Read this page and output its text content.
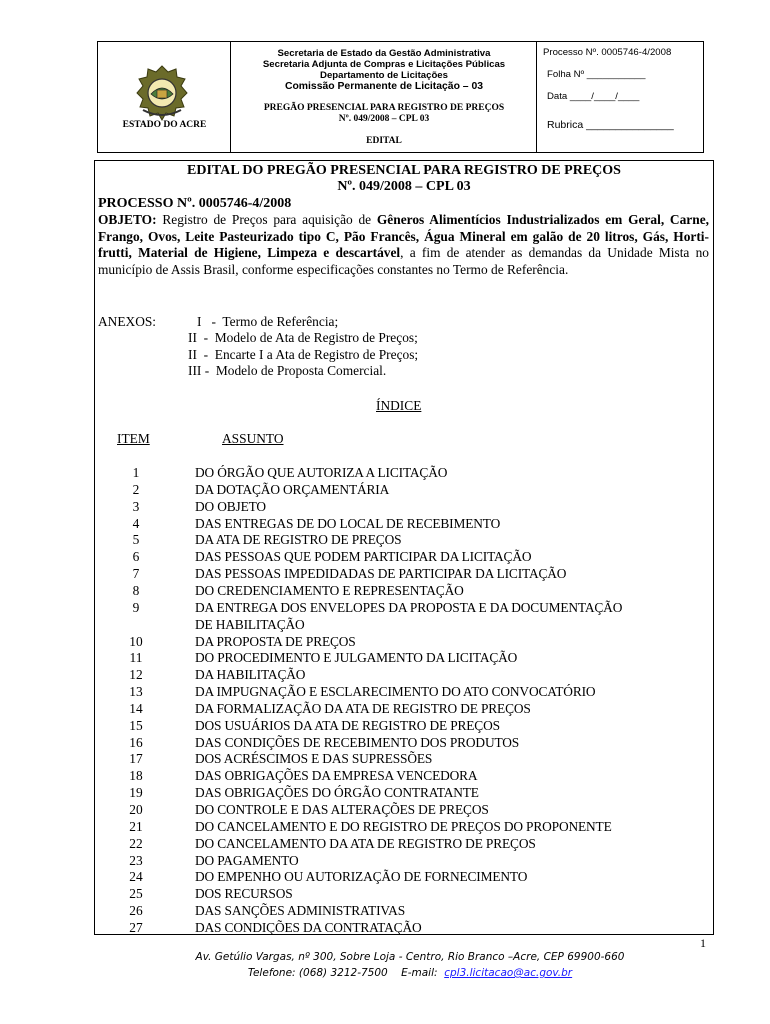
ESTADO DO ACRE
Secretaria de Estado da Gestão Administrativa
Secretaria Adjunta de Compras e Licitações Públicas
Departamento de Licitações
Comissão Permanente de Licitação – 03
PREGÃO PRESENCIAL PARA REGISTRO DE PREÇOS
Nº. 049/2008 – CPL 03
EDITAL
Processo Nº. 0005746-4/2008
Folha Nº ___________
Data ____/____/____
Rubrica _______________
EDITAL DO PREGÃO PRESENCIAL PARA REGISTRO DE PREÇOS
Nº. 049/2008 – CPL 03
PROCESSO Nº. 0005746-4/2008
OBJETO: Registro de Preços para aquisição de Gêneros Alimentícios Industrializados em Geral, Carne, Frango, Ovos, Leite Pasteurizado tipo C, Pão Francês, Água Mineral em galão de 20 litros, Gás, Horti-frutti, Material de Higiene, Limpeza e descartável, a fim de atender as demandas da Unidade Mista no município de Assis Brasil, conforme especificações constantes no Termo de Referência.
ANEXOS:	I   -  Termo de Referência;
II  -  Modelo de Ata de Registro de Preços;
II  -  Encarte I a Ata de Registro de Preços;
III -  Modelo de Proposta Comercial.
ÍNDICE
ITEM	ASSUNTO
1	DO ÓRGÃO QUE AUTORIZA A LICITAÇÃO
2	DA DOTAÇÃO ORÇAMENTÁRIA
3	DO OBJETO
4	DAS ENTREGAS DE DO LOCAL DE RECEBIMENTO
5	DA ATA DE REGISTRO DE PREÇOS
6	DAS PESSOAS QUE PODEM PARTICIPAR DA LICITAÇÃO
7	DAS PESSOAS IMPEDIDADAS DE PARTICIPAR DA LICITAÇÃO
8	DO CREDENCIAMENTO E REPRESENTAÇÃO
9	DA ENTREGA DOS ENVELOPES DA PROPOSTA E DA DOCUMENTAÇÃO
DE HABILITAÇÃO
10	DA PROPOSTA DE PREÇOS
11	DO PROCEDIMENTO E JULGAMENTO DA LICITAÇÃO
12	DA HABILITAÇÃO
13	DA IMPUGNAÇÃO E ESCLARECIMENTO DO ATO CONVOCATÓRIO
14	DA FORMALIZAÇÃO DA ATA DE REGISTRO DE PREÇOS
15	DOS USUÁRIOS DA ATA DE REGISTRO DE PREÇOS
16	DAS CONDIÇÕES DE RECEBIMENTO DOS PRODUTOS
17	DOS ACRÉSCIMOS E DAS SUPRESSÕES
18	DAS OBRIGAÇÕES DA EMPRESA VENCEDORA
19	DAS OBRIGAÇÕES DO ÓRGÃO CONTRATANTE
20	DO CONTROLE E DAS ALTERAÇÕES DE PREÇOS
21	DO CANCELAMENTO E DO REGISTRO DE PREÇOS DO PROPONENTE
22	DO CANCELAMENTO DA ATA DE REGISTRO DE PREÇOS
23	DO PAGAMENTO
24	DO EMPENHO OU AUTORIZAÇÃO DE FORNECIMENTO
25	DOS RECURSOS
26	DAS SANÇÕES ADMINISTRATIVAS
27	DAS CONDIÇÕES DA CONTRATAÇÃO
1
Av. Getúlio Vargas, nº 300, Sobre Loja - Centro, Rio Branco –Acre, CEP 69900-660
Telefone: (068) 3212-7500    E-mail:  cpl3.licitacao@ac.gov.br
